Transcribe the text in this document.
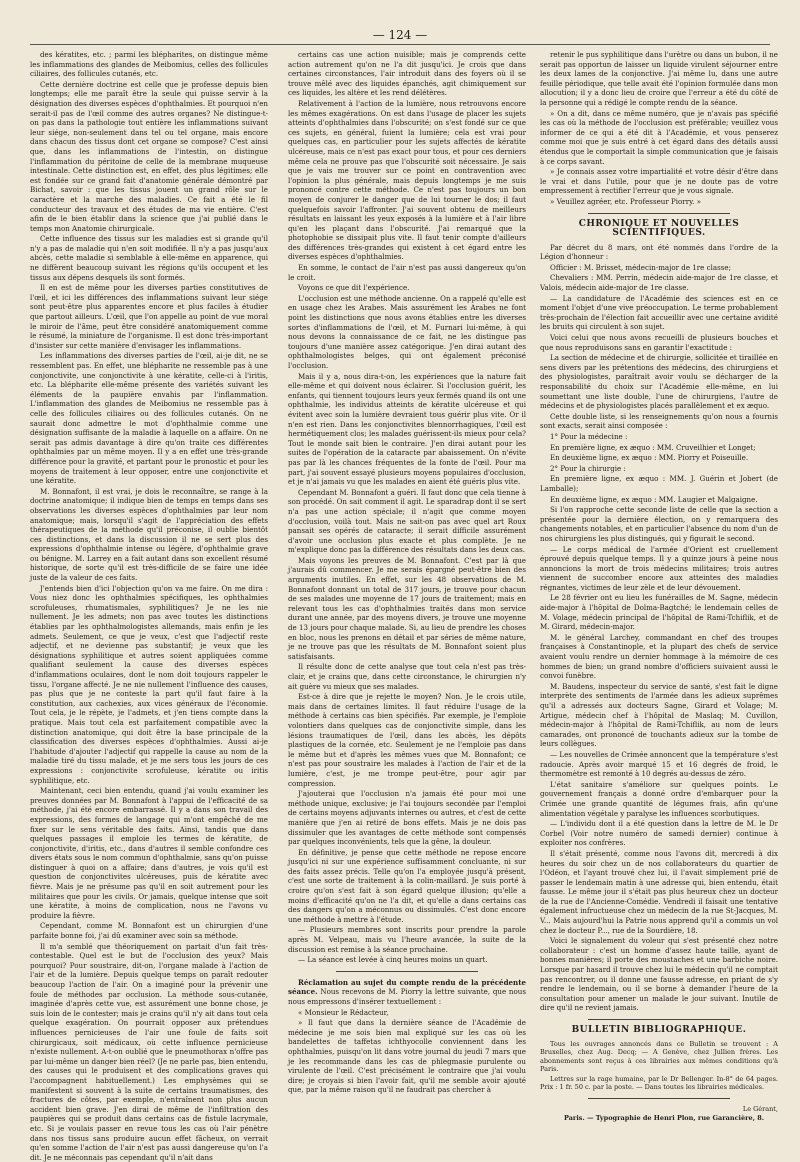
— 124 —

des kératites, etc. ; parmi les blépharites, on distingue même les inflammations des glandes de Meibomius, celles des follicules ciliaires, des follicules cutanés, etc.

Cette dernière doctrine est celle que je professe depuis bien longtemps; elle me paraît être la seule qui puisse servir à la désignation des diverses espèces d'ophthalmies. Et pourquoi n'en serait-il pas de l'œil comme des autres organes? Ne distingue-t-on pas dans la pathologie tout entière les inflammations suivant leur siége, non-seulement dans tel ou tel organe, mais encore dans chacun des tissus dont cet organe se compose? C'est ainsi que, dans les inflammations de l'intestin, on distingue l'inflammation du péritoine de celle de la membrane muqueuse intestinale. Cette distinction est, en effet, des plus légitimes; elle est fondée sur ce grand fait d'anatomie générale démontré par Bichat, savoir : que les tissus jouent un grand rôle sur le caractère et la marche des maladies. Ce fait a été le fil conducteur des travaux et des études de ma vie entière. C'est afin de le bien établir dans la science que j'ai publié dans le temps mon Anatomie chirurgicale.

Cette influence des tissus sur les maladies est si grande qu'il n'y a pas de maladie qui n'en soit modifiée. Il n'y a pas jusqu'aux abcès, cette maladie si semblable à elle-même en apparence, qui ne diffèrent beaucoup suivant les régions qu'ils occupent et les tissus aux dépens desquels ils sont formés.

Il en est de même pour les diverses parties constitutives de l'œil, et ici les différences des inflammations suivant leur siége sont peut-être plus apparentes encore et plus faciles à étudier que partout ailleurs. L'œil, que l'on appelle au point de vue moral le miroir de l'âme, peut être considéré anatomiquement comme le résumé, la miniature de l'organisme. Il est donc très-important d'insister sur cette manière d'envisager les inflammations.

Les inflammations des diverses parties de l'œil, ai-je dit, ne se ressemblent pas. En effet, une blépharite ne ressemble pas à une conjonctivite, une conjonctivite à une kératite, celle-ci à l'iritis, etc. La blépharite elle-même présente des variétés suivant les éléments de la paupière envahis par l'inflammation. L'inflammation des glandes de Meibomius ne ressemble pas à celle des follicules ciliaires ou des follicules cutanés. On ne saurait donc admettre le mot d'ophthalmie comme une désignation suffisante de la maladie à laquelle on a affaire. On ne serait pas admis davantage à dire qu'on traite ces différentes ophthalmies par un même moyen. Il y a en effet une très-grande différence pour la gravité, et partant pour le pronostic et pour les moyens de traitement à leur opposer, entre une conjonctivite et une kératite.

M. Bonnafont, il est vrai, je dois le reconnaître, se range à la doctrine anatomique; il indique bien de temps en temps dans ses observations les diverses espèces d'ophthalmies par leur nom anatomique; mais, lorsqu'il s'agit de l'appréciation des effets thérapeutiques de la méthode qu'il préconise, il oublie bientôt ces distinctions, et dans la discussion il ne se sert plus des expressions d'ophthalmie intense ou légère, d'ophthalmie grave ou bénigne. M. Larrey en a fait autant dans son excellent résumé historique, de sorte qu'il est très-difficile de se faire une idée juste de la valeur de ces faits.

J'entends bien d'ici l'objection qu'on va me faire. On me dira : Vous niez donc les ophthalmies spécifiques, les ophthalmies scrofuleuses, rhumatismales, syphilitiques? Je ne les nie nullement. Je les admets; non pas avec toutes les distinctions établies par les ophthalmologistes allemands, mais enfin je les admets. Seulement, ce que je veux, c'est que l'adjectif reste adjectif, et ne devienne pas substantif; je veux que les désignations syphilitique et autres soient appliquées comme qualifiant seulement la cause des diverses espèces d'inflammations oculaires, dont le nom doit toujours rappeler le tissu, l'organe affecté. Je ne nie nullement l'influence des causes, pas plus que je ne conteste la part qu'il faut faire à la constitution, aux cachexies, aux vices généraux de l'économie. Tout cela, je le répète, je l'admets, et j'en tiens compte dans la pratique. Mais tout cela est parfaitement compatible avec la distinction anatomique, qui doit être la base principale de la classification des diverses espèces d'ophthalmies. Aussi ai-je l'habitude d'ajouter l'adjectif qui rappelle la cause au nom de la maladie tiré du tissu malade, et je me sers tous les jours de ces expressions : conjonctivite scrofuleuse, kératite ou iritis syphilitique, etc.

Maintenant, ceci bien entendu, quand j'ai voulu examiner les preuves données par M. Bonnafont à l'appui de l'efficacité de sa méthode, j'ai été encore embarrassé. Il y a dans son travail des expressions, des formes de langage qui m'ont empêché de me fixer sur le sens véritable des faits. Ainsi, tandis que dans quelques passages il emploie les termes de kératite, de conjonctivite, d'iritis, etc., dans d'autres il semble confondre ces divers états sous le nom commun d'ophthalmie, sans qu'on puisse distinguer à quoi on a affaire; dans d'autres, je vois qu'il est question de conjonctivites ulcéreuses, puis de kératite avec fièvre. Mais je ne présume pas qu'il en soit autrement pour les militaires que pour les civils. Or jamais, quelque intense que soit une kératite, à moins de complication, nous ne l'avons vu produire la fièvre.

Cependant, comme M. Bonnafont est un chirurgien d'une parfaite bonne foi, j'ai dû examiner avec soin sa méthode.

Il m'a semblé que théoriquement on partait d'un fait très-contestable. Quel est le but de l'occlusion des yeux? Mais pourquoi? Pour soustraire, dit-on, l'organe malade à l'action de l'air et de la lumière. Depuis quelque temps on paraît redouter beaucoup l'action de l'air. On a imaginé pour la prévenir une foule de méthodes par occlusion. La méthode sous-cutanée, imaginée d'après cette vue, est assurément une bonne chose, je suis loin de le contester; mais je crains qu'il n'y ait dans tout cela quelque exagération. On pourrait opposer aux prétendues influences pernicieuses de l'air une foule de faits soit chirurgicaux, soit médicaux, où cette influence pernicieuse n'existe nullement. A-t-on oublié que le pneumothorax n'offre pas par lui-même un danger bien réel? (Je ne parle pas, bien entendu, des causes qui le produisent et des complications graves qui l'accompagnent habituellement.) Les emphysèmes qui se manifestent si souvent à la suite de certains traumatismes, des fractures de côtes, par exemple, n'entraînent non plus aucun accident bien grave. J'en dirai de même de l'infiltration des paupières qui se produit dans certains cas de fistule lacrymale, etc. Si je voulais passer en revue tous les cas où l'air pénètre dans nos tissus sans produire aucun effet fâcheux, on verrait qu'en somme l'action de l'air n'est pas aussi dangereuse qu'on l'a dit. Je ne méconnais pas cependant qu'il n'ait dans

certains cas une action nuisible; mais je comprends cette action autrement qu'on ne l'a dit jusqu'ici. Je crois que dans certaines circonstances, l'air introduit dans des foyers où il se trouve mêlé avec des liquides épanchés, agit chimiquement sur ces liquides, les altère et les rend délétères.

Relativement à l'action de la lumière, nous retrouvons encore les mêmes exagérations. On est dans l'usage de placer les sujets atteints d'ophthalmies dans l'obscurité; on s'est fondé sur ce que ces sujets, en général, fuient la lumière; cela est vrai pour quelques cas, en particulier pour les sujets affectés de kératite ulcéreuse, mais ce n'est pas exact pour tous, et pour ces derniers même cela ne prouve pas que l'obscurité soit nécessaire. Je sais que je vais me trouver sur ce point en contravention avec l'opinion la plus générale, mais depuis longtemps je me suis prononcé contre cette méthode. Ce n'est pas toujours un bon moyen de conjurer le danger que de lui tourner le dos; il faut quelquefois savoir l'affronter. J'ai souvent obtenu de meilleurs résultats en laissant les yeux exposés à la lumière et à l'air libre qu'en les plaçant dans l'obscurité. J'ai remarqué que la photophobie se dissipait plus vite. Il faut tenir compte d'ailleurs des différences très-grandes qui existent à cet égard entre les diverses espèces d'ophthalmies.

En somme, le contact de l'air n'est pas aussi dangereux qu'on le croit.

Voyons ce que dit l'expérience.

L'occlusion est une méthode ancienne. On a rappelé qu'elle est en usage chez les Arabes. Mais assurément les Arabes ne font point les distinctions que nous avons établies entre les diverses sortes d'inflammations de l'œil, et M. Furnari lui-même, à qui nous devons la connaissance de ce fait, ne les distingue pas toujours d'une manière assez catégorique. J'en dirai autant des ophthalmologistes belges, qui ont également préconisé l'occlusion.

Mais il y a, nous dira-t-on, les expériences que la nature fait elle-même et qui doivent nous éclairer. Si l'occlusion guérit, les enfants, qui tiennent toujours leurs yeux fermés quand ils ont une ophthalmie, les individus atteints de kératite ulcéreuse et qui évitent avec soin la lumière devraient tous guérir plus vite. Or il n'en est rien. Dans les conjonctivites blennorrhagiques, l'œil est hermétiquement clos; les malades guérissent-ils mieux pour cela? Tout le monde sait bien le contraire. J'en dirai autant pour les suites de l'opération de la cataracte par abaissement. On n'évite pas par là les chances fréquentes de la fonte de l'œil. Pour ma part, j'ai souvent essayé plusieurs moyens populaires d'occlusion, et je n'ai jamais vu que les malades en aient été guéris plus vite.

Cependant M. Bonnafont a guéri. Il faut donc que cela tienne à son procédé. On sait comment il agit. Le sparadrap dont il se sert n'a pas une action spéciale; il n'agit que comme moyen d'occlusion, voilà tout. Mais ne sait-on pas avec quel art Roux pansait ses opérés de cataracte; il serait difficile assurément d'avoir une occlusion plus exacte et plus complète. Je ne m'explique donc pas la différence des résultats dans les deux cas.

Mais voyons les preuves de M. Bonnafont. C'est par là que j'aurais dû commencer. Je me serais épargné peut-être bien des arguments inutiles. En effet, sur les 48 observations de M. Bonnafont donnant un total de 317 jours, je trouve pour chacun de ses malades une moyenne de 17 jours de traitement; mais en relevant tous les cas d'ophthalmies traités dans mon service durant une année, par des moyens divers, je trouve une moyenne de 13 jours pour chaque malade. Si, au lieu de prendre les choses en bloc, nous les prenons en détail et par séries de même nature, je ne trouve pas que les résultats de M. Bonnafont soient plus satisfaisants.

Il résulte donc de cette analyse que tout cela n'est pas très-clair, et je crains que, dans cette circonstance, le chirurgien n'y ait guère vu mieux que ses malades.

Est-ce à dire que je rejette le moyen? Non. Je le crois utile, mais dans de certaines limites. Il faut réduire l'usage de la méthode à certains cas bien spécifiés. Par exemple, je l'emploie volontiers dans quelques cas de conjonctivite simple, dans les lésions traumatiques de l'œil, dans les abcès, les dépôts plastiques de la cornée, etc. Seulement je ne l'emploie pas dans le même but et d'après les mêmes vues que M. Bonnafont; ce n'est pas pour soustraire les malades à l'action de l'air et de la lumière, c'est, je me trompe peut-être, pour agir par compression.

J'ajouterai que l'occlusion n'a jamais été pour moi une méthode unique, exclusive; je l'ai toujours secondée par l'emploi de certains moyens adjuvants internes ou autres, et c'est de cette manière que j'en ai retiré de bons effets. Mais je ne dois pas dissimuler que les avantages de cette méthode sont compensés par quelques inconvénients, tels que la gêne, la douleur.

En définitive, je pense que cette méthode ne repose encore jusqu'ici ni sur une expérience suffisamment concluante, ni sur des faits assez précis. Telle qu'on l'a employée jusqu'à présent, c'est une sorte de traitement à la colin-maillard. Je suis porté à croire qu'on s'est fait à son égard quelque illusion; qu'elle a moins d'efficacité qu'on ne l'a dit, et qu'elle a dans certains cas des dangers qu'on a méconnus ou dissimulés. C'est donc encore une méthode à mettre à l'étude.

— Plusieurs membres sont inscrits pour prendre la parole après M. Velpeau, mais vu l'heure avancée, la suite de la discussion est remise à la séance prochaine.

— La séance est levée à cinq heures moins un quart.

Réclamation au sujet du compte rendu de la précédente séance. Nous recevons de M. Piorry la lettre suivante, que nous nous empressons d'insérer textuellement :

« Monsieur le Rédacteur,

» Il faut que dans la dernière séance de l'Académie de médecine je me sois bien mal expliqué sur les cas où les bandelettes de taffetas ichthyocolle conviennent dans les ophthalmies, puisqu'on lit dans votre journal du jeudi 7 mars que je les recommande dans les cas de phlegmasie purulente ou virulente de l'œil. C'est précisément le contraire que j'ai voulu dire; je croyais si bien l'avoir fait, qu'il me semble avoir ajouté que, par la même raison qu'il ne faudrait pas chercher à

retenir le pus syphilitique dans l'urètre ou dans un bubon, il ne serait pas opportun de laisser un liquide virulent séjourner entre les deux lames de la conjonctive. J'ai même lu, dans une autre feuille périodique, que telle avait été l'opinion formulée dans mon allocution; il y a donc lieu de croire que l'erreur a été du côté de la personne qui a rédigé le compte rendu de la séance.

» On a dit, dans ce même numéro, que je n'avais pas spécifié les cas où la méthode de l'occlusion est préférable; veuillez vous informer de ce qui a été dit à l'Académie, et vous penserez comme moi que je suis entré à cet égard dans des détails aussi étendus que le comportait la simple communication que je faisais à ce corps savant.

» Je connais assez votre impartialité et votre désir d'être dans le vrai et dans l'utile, pour que je ne doute pas de votre empressement à rectifier l'erreur que je vous signale.

» Veuillez agréer, etc. Professeur Piorry. »

CHRONIQUE ET NOUVELLES SCIENTIFIQUES.

Par décret du 8 mars, ont été nommés dans l'ordre de la Légion d'honneur :

Officier : M. Brisset, médecin-major de 1re classe;

Chevaliers : MM. Perrin, médecin aide-major de 1re classe, et Valois, médecin aide-major de 1re classe.

— La candidature de l'Académie des sciences est en ce moment l'objet d'une vive préoccupation. Le terme probablement très-prochain de l'élection fait accueillir avec une certaine avidité les bruits qui circulent à son sujet.

Voici celui que nous avons recueilli de plusieurs bouches et que nous reproduisons sans en garantir l'exactitude :

La section de médecine et de chirurgie, sollicitée et tiraillée en sens divers par les prétentions des médecins, des chirurgiens et des physiologistes, paraîtrait avoir voulu se décharger de la responsabilité du choix sur l'Académie elle-même, en lui soumettant une liste double, l'une de chirurgiens, l'autre de médecins et de physiologistes placés parallèlement et ex æquo.

Cette double liste, si les renseignements qu'on nous a fournis sont exacts, serait ainsi composée :

1° Pour la médecine :

En première ligne, ex æquo : MM. Cruveilhier et Longet;

En deuxième ligne, ex æquo : MM. Piorry et Poiseuille.

2° Pour la chirurgie :

En première ligne, ex æquo : MM. J. Guérin et Jobert (de Lamballe);

En deuxième ligne, ex æquo : MM. Laugier et Malgaigne.

Si l'on rapproche cette seconde liste de celle que la section a présentée pour la dernière élection, on y remarquera des changements notables, et en particulier l'absence du nom d'un de nos chirurgiens les plus distingués, qui y figurait le second.

— Le corps médical de l'armée d'Orient est cruellement éprouvé depuis quelque temps. Il y a quinze jours à peine nous annoncions la mort de trois médecins militaires; trois autres viennent de succomber encore aux atteintes des maladies régnantes, victimes de leur zèle et de leur dévouement.

Le 28 février ont eu lieu les funérailles de M. Sagne, médecin aide-major à l'hôpital de Dolma-Bagtché; le lendemain celles de M. Volage, médecin principal de l'hôpital de Rami-Tchiflik, et de M. Girard, médecin-major.

M. le général Larchey, commandant en chef des troupes françaises à Constantinople, et la plupart des chefs de service avaient voulu rendre un dernier hommage à la mémoire de ces hommes de bien; un grand nombre d'officiers suivaient aussi le convoi funèbre.

M. Baudens, inspecteur du service de santé, s'est fait le digne interprète des sentiments de l'armée dans les adieux suprêmes qu'il a adressés aux docteurs Sagne, Girard et Volage; M. Artigue, médecin chef à l'hôpital de Maslaq; M. Cuvillon, médecin-major à l'hôpital de Rami-Tchiflik, au nom de leurs camarades, ont prononcé de touchants adieux sur la tombe de leurs collègues.

— Les nouvelles de Crimée annoncent que la température s'est radoucie. Après avoir marqué 15 et 16 degrés de froid, le thermomètre est remonté à 10 degrés au-dessus de zéro.

L'état sanitaire s'améliore sur quelques points. Le gouvernement français a donné ordre d'embarquer pour la Crimée une grande quantité de légumes frais, afin qu'une alimentation végétale y paralyse les influences scorbutiques.

— L'individu dont il a été question dans la lettre de M. le Dr Corbel (Voir notre numéro de samedi dernier) continue à exploiter nos confrères.

Il s'était présenté, comme nous l'avons dit, mercredi à dix heures du soir chez un de nos collaborateurs du quartier de l'Odéon, et l'ayant trouvé chez lui, il l'avait simplement prié de passer le lendemain matin à une adresse qui, bien entendu, était fausse. Le même jour il s'était pas plus heureux chez un docteur de la rue de l'Ancienne-Comédie. Vendredi il faisait une tentative également infructueuse chez un médecin de la rue St-Jacques, M. V... Mais aujourd'hui la Patrie nous apprend qu'il a commis un vol chez le docteur P..., rue de la Sourdière, 18.

Voici le signalement du voleur qui s'est présenté chez notre collaborateur : c'est un homme d'assez haute taille, ayant de bonnes manières; il porte des moustaches et une barbiche noire. Lorsque par hasard il trouve chez lui le médecin qu'il ne comptait pas rencontrer, ou il donne une fausse adresse, en priant de s'y rendre le lendemain, ou il se borne à demander l'heure de la consultation pour amener un malade le jour suivant. Inutile de dire qu'il ne revient jamais.

BULLETIN BIBLIOGRAPHIQUE.

Tous les ouvrages annoncés dans ce Bulletin se trouvent : A Bruxelles, chez Aug. Decq; — A Genève, chez Jullien frères. Les abonnements sont reçus à ces librairies aux mêmes conditions qu'à Paris.

Lettres sur la rage humaine, par le Dr Bellenger. In-8° de 64 pages. Prix : 1 fr. 50 c. par la poste. — Dans toutes les librairies médicales.

Le Gérant,

Paris. — Typographie de Henri Plon, rue Garancière, 8.
